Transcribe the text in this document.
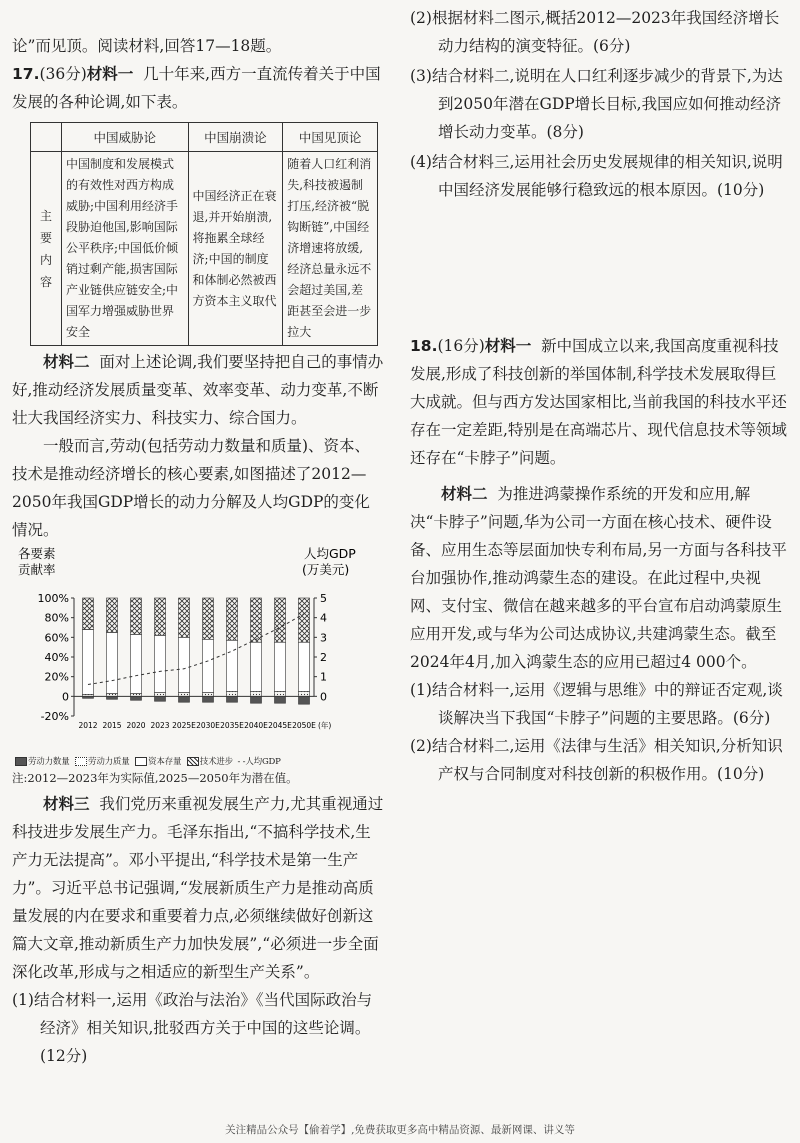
论”而见顶。阅读材料,回答17—18题。

17.(36分)材料一 几十年来,西方一直流传着关于中国发展的各种论调,如下表。

	中国威胁论	中国崩溃论	中国见顶论
主要内容	中国制度和发展模式的有效性对西方构成威胁;中国利用经济手段胁迫他国,影响国际公平秩序;中国低价倾销过剩产能,损害国际产业链供应链安全;中国军力增强威胁世界安全	中国经济正在衰退,并开始崩溃,将拖累全球经济;中国的制度和体制必然被西方资本主义取代	随着人口红利消失,科技被遏制打压,经济被“脱钩断链”,中国经济增速将放缓,经济总量永远不会超过美国,差距甚至会进一步拉大

材料二 面对上述论调,我们要坚持把自己的事情办好,推动经济发展质量变革、效率变革、动力变革,不断壮大我国经济实力、科技实力、综合国力。

一般而言,劳动(包括劳动力数量和质量)、资本、技术是推动经济增长的核心要素,如图描述了2012—2050年我国GDP增长的动力分解及人均GDP的变化情况。

各要素
贡献率
人均GDP
(万美元)
100%
80%
60%
40%
20%
0
-20%
5
4
3
2
1
0
2012 2015 2020 2023 2025E 2030E 2035E 2040E 2045E 2050E (年)
劳动力数量 劳动力质量 资本存量 技术进步 - -人均GDP

注:2012—2023年为实际值,2025—2050年为潜在值。

材料三 我们党历来重视发展生产力,尤其重视通过科技进步发展生产力。毛泽东指出,“不搞科学技术,生产力无法提高”。邓小平提出,“科学技术是第一生产力”。习近平总书记强调,“发展新质生产力是推动高质量发展的内在要求和重要着力点,必须继续做好创新这篇大文章,推动新质生产力加快发展”,“必须进一步全面深化改革,形成与之相适应的新型生产关系”。

(1)结合材料一,运用《政治与法治》《当代国际政治与经济》相关知识,批驳西方关于中国的这些论调。(12分)

(2)根据材料二图示,概括2012—2023年我国经济增长动力结构的演变特征。(6分)

(3)结合材料二,说明在人口红利逐步减少的背景下,为达到2050年潜在GDP增长目标,我国应如何推动经济增长动力变革。(8分)

(4)结合材料三,运用社会历史发展规律的相关知识,说明中国经济发展能够行稳致远的根本原因。(10分)

18.(16分)材料一 新中国成立以来,我国高度重视科技发展,形成了科技创新的举国体制,科学技术发展取得巨大成就。但与西方发达国家相比,当前我国的科技水平还存在一定差距,特别是在高端芯片、现代信息技术等领域还存在“卡脖子”问题。

材料二 为推进鸿蒙操作系统的开发和应用,解决“卡脖子”问题,华为公司一方面在核心技术、硬件设备、应用生态等层面加快专利布局,另一方面与各科技平台加强协作,推动鸿蒙生态的建设。在此过程中,央视网、支付宝、微信在越来越多的平台宣布启动鸿蒙原生应用开发,或与华为公司达成协议,共建鸿蒙生态。截至2024年4月,加入鸿蒙生态的应用已超过4 000个。

(1)结合材料一,运用《逻辑与思维》中的辩证否定观,谈谈解决当下我国“卡脖子”问题的主要思路。(6分)

(2)结合材料二,运用《法律与生活》相关知识,分析知识产权与合同制度对科技创新的积极作用。(10分)

关注精品公众号【偷着学】,免费获取更多高中精品资源、最新网课、讲义等
